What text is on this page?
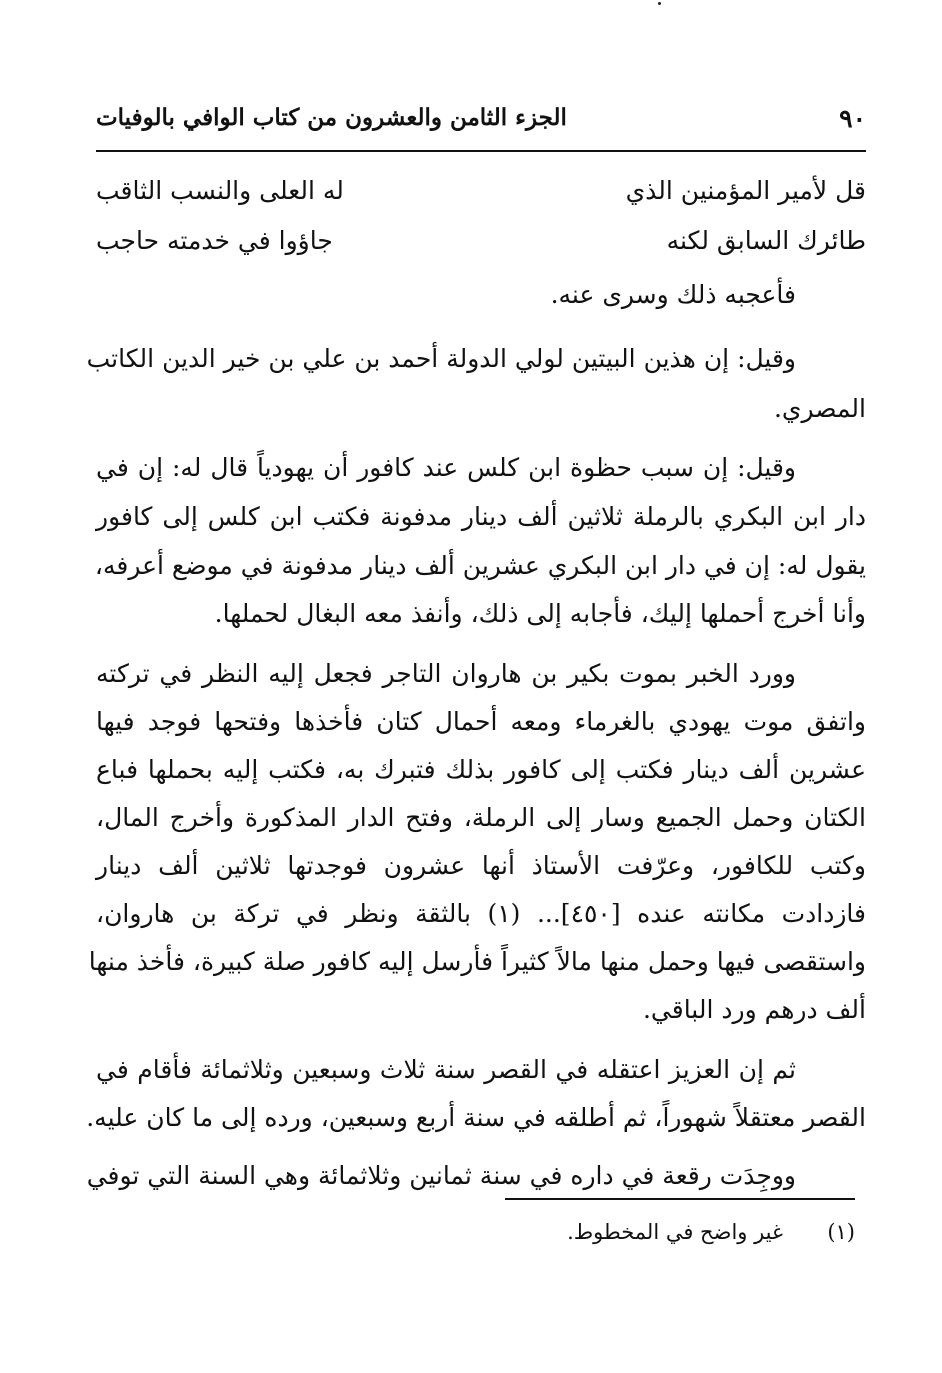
٩٠
الجزء الثامن والعشرون من كتاب الوافي بالوفيات
قل لأمير المؤمنين الذي
له العلى والنسب الثاقب
طائرك السابق لكنه
جاؤوا في خدمته حاجب
فأعجبه ذلك وسرى عنه.
وقيل: إن هذين البيتين لولي الدولة أحمد بن علي بن خير الدين الكاتب
المصري.
وقيل: إن سبب حظوة ابن كلس عند كافور أن يهودياً قال له: إن في
دار ابن البكري بالرملة ثلاثين ألف دينار مدفونة فكتب ابن كلس إلى كافور
يقول له: إن في دار ابن البكري عشرين ألف دينار مدفونة في موضع أعرفه،
وأنا أخرج أحملها إليك، فأجابه إلى ذلك، وأنفذ معه البغال لحملها.
وورد الخبر بموت بكير بن هاروان التاجر فجعل إليه النظر في تركته
واتفق موت يهودي بالغرماء ومعه أحمال كتان فأخذها وفتحها فوجد فيها
عشرين ألف دينار فكتب إلى كافور بذلك فتبرك به، فكتب إليه بحملها فباع
الكتان وحمل الجميع وسار إلى الرملة، وفتح الدار المذكورة وأخرج المال،
وكتب للكافور، وعرّفت الأستاذ أنها عشرون فوجدتها ثلاثين ألف دينار
فازدادت مكانته عنده [٤٥٠]... (١) بالثقة ونظر في تركة بن هاروان،
واستقصى فيها وحمل منها مالاً كثيراً فأرسل إليه كافور صلة كبيرة، فأخذ منها
ألف درهم ورد الباقي.
ثم إن العزيز اعتقله في القصر سنة ثلاث وسبعين وثلاثمائة فأقام في
القصر معتقلاً شهوراً، ثم أطلقه في سنة أربع وسبعين، ورده إلى ما كان عليه.
ووجِدَت رقعة في داره في سنة ثمانين وثلاثمائة وهي السنة التي توفي
(١)
غير واضح في المخطوط.
